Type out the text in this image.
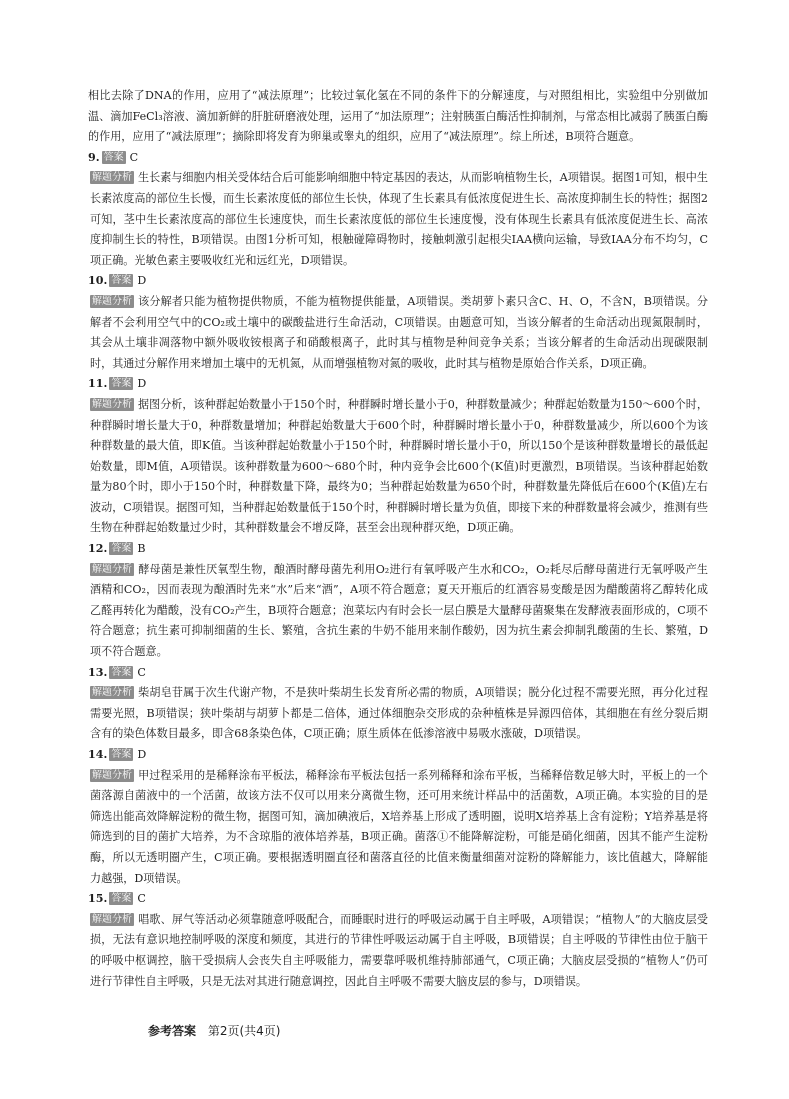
相比去除了DNA的作用，应用了“减法原理”；比较过氧化氢在不同的条件下的分解速度，与对照组相比，实验组中分别做加温、滴加FeCl₃溶液、滴加新鲜的肝脏研磨液处理，运用了“加法原理”；注射胰蛋白酶活性抑制剂，与常态相比减弱了胰蛋白酶的作用，应用了“减法原理”；摘除即将发育为卵巢或睾丸的组织，应用了“减法原理”。综上所述，B项符合题意。

9. 答案 C

解题分析 生长素与细胞内相关受体结合后可能影响细胞中特定基因的表达，从而影响植物生长，A项错误。据图1可知，根中生长素浓度高的部位生长慢，而生长素浓度低的部位生长快，体现了生长素具有低浓度促进生长、高浓度抑制生长的特性；据图2可知，茎中生长素浓度高的部位生长速度快，而生长素浓度低的部位生长速度慢，没有体现生长素具有低浓度促进生长、高浓度抑制生长的特性，B项错误。由图1分析可知，根触碰障碍物时，接触刺激引起根尖IAA横向运输，导致IAA分布不均匀，C项正确。光敏色素主要吸收红光和远红光，D项错误。

10. 答案 D

解题分析 该分解者只能为植物提供物质，不能为植物提供能量，A项错误。类胡萝卜素只含C、H、O，不含N，B项错误。分解者不会利用空气中的CO₂或土壤中的碳酸盐进行生命活动，C项错误。由题意可知，当该分解者的生命活动出现氮限制时，其会从土壤非凋落物中额外吸收铵根离子和硝酸根离子，此时其与植物是种间竞争关系；当该分解者的生命活动出现碳限制时，其通过分解作用来增加土壤中的无机氮，从而增强植物对氮的吸收，此时其与植物是原始合作关系，D项正确。

11. 答案 D

解题分析 据图分析，该种群起始数量小于150个时，种群瞬时增长量小于0，种群数量减少；种群起始数量为150～600个时，种群瞬时增长量大于0，种群数量增加；种群起始数量大于600个时，种群瞬时增长量小于0，种群数量减少，所以600个为该种群数量的最大值，即K值。当该种群起始数量小于150个时，种群瞬时增长量小于0，所以150个是该种群数量增长的最低起始数量，即M值，A项错误。该种群数量为600～680个时，种内竞争会比600个(K值)时更激烈，B项错误。当该种群起始数量为80个时，即小于150个时，种群数量下降，最终为0；当种群起始数量为650个时，种群数量先降低后在600个(K值)左右波动，C项错误。据图可知，当种群起始数量低于150个时，种群瞬时增长量为负值，即接下来的种群数量将会减少，推测有些生物在种群起始数量过少时，其种群数量会不增反降，甚至会出现种群灭绝，D项正确。

12. 答案 B

解题分析 酵母菌是兼性厌氧型生物，酿酒时酵母菌先利用O₂进行有氧呼吸产生水和CO₂，O₂耗尽后酵母菌进行无氧呼吸产生酒精和CO₂，因而表现为酿酒时先来“水”后来“酒”，A项不符合题意；夏天开瓶后的红酒容易变酸是因为醋酸菌将乙醇转化成乙醛再转化为醋酸，没有CO₂产生，B项符合题意；泡菜坛内有时会长一层白膜是大量酵母菌聚集在发酵液表面形成的，C项不符合题意；抗生素可抑制细菌的生长、繁殖，含抗生素的牛奶不能用来制作酸奶，因为抗生素会抑制乳酸菌的生长、繁殖，D项不符合题意。

13. 答案 C

解题分析 柴胡皂苷属于次生代谢产物，不是狭叶柴胡生长发育所必需的物质，A项错误；脱分化过程不需要光照，再分化过程需要光照，B项错误；狭叶柴胡与胡萝卜都是二倍体，通过体细胞杂交形成的杂种植株是异源四倍体，其细胞在有丝分裂后期含有的染色体数目最多，即含68条染色体，C项正确；原生质体在低渗溶液中易吸水涨破，D项错误。

14. 答案 D

解题分析 甲过程采用的是稀释涂布平板法，稀释涂布平板法包括一系列稀释和涂布平板，当稀释倍数足够大时，平板上的一个菌落源自菌液中的一个活菌，故该方法不仅可以用来分离微生物，还可用来统计样品中的活菌数，A项正确。本实验的目的是筛选出能高效降解淀粉的微生物，据图可知，滴加碘液后，X培养基上形成了透明圈，说明X培养基上含有淀粉；Y培养基是将筛选到的目的菌扩大培养，为不含琼脂的液体培养基，B项正确。菌落①不能降解淀粉，可能是硝化细菌，因其不能产生淀粉酶，所以无透明圈产生，C项正确。要根据透明圈直径和菌落直径的比值来衡量细菌对淀粉的降解能力，该比值越大，降解能力越强，D项错误。

15. 答案 C

解题分析 唱歌、屏气等活动必须靠随意呼吸配合，而睡眠时进行的呼吸运动属于自主呼吸，A项错误；“植物人”的大脑皮层受损，无法有意识地控制呼吸的深度和频度，其进行的节律性呼吸运动属于自主呼吸，B项错误；自主呼吸的节律性由位于脑干的呼吸中枢调控，脑干受损病人会丧失自主呼吸能力，需要靠呼吸机维持肺部通气，C项正确；大脑皮层受损的“植物人”仍可进行节律性自主呼吸，只是无法对其进行随意调控，因此自主呼吸不需要大脑皮层的参与，D项错误。

参考答案 第2页(共4页)
